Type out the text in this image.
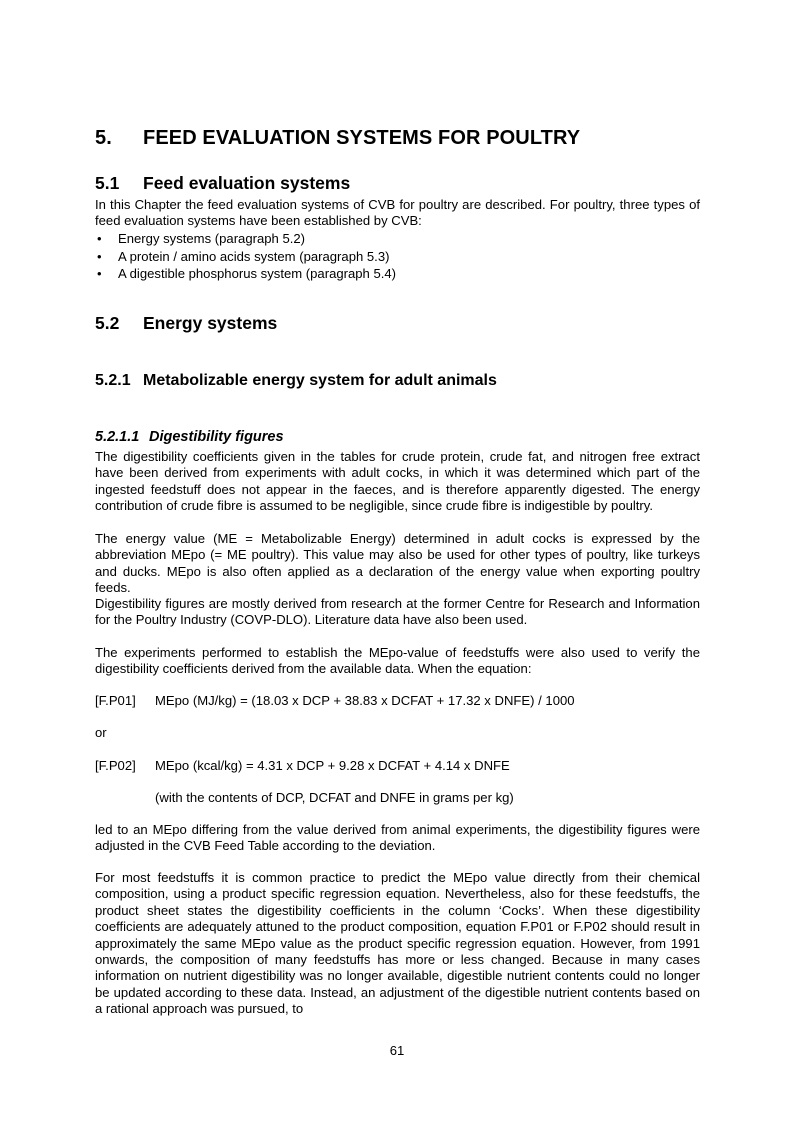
5. FEED EVALUATION SYSTEMS FOR POULTRY
5.1 Feed evaluation systems
In this Chapter the feed evaluation systems of CVB for poultry are described. For poultry, three types of feed evaluation systems have been established by CVB:
• Energy systems (paragraph 5.2)
• A protein / amino acids system (paragraph 5.3)
• A digestible phosphorus system (paragraph 5.4)
5.2 Energy systems
5.2.1 Metabolizable energy system for adult animals
5.2.1.1 Digestibility figures
The digestibility coefficients given in the tables for crude protein, crude fat, and nitrogen free extract have been derived from experiments with adult cocks, in which it was determined which part of the ingested feedstuff does not appear in the faeces, and is therefore apparently digested. The energy contribution of crude fibre is assumed to be negligible, since crude fibre is indigestible by poultry.
The energy value (ME = Metabolizable Energy) determined in adult cocks is expressed by the abbreviation MEpo (= ME poultry). This value may also be used for other types of poultry, like turkeys and ducks. MEpo is also often applied as a declaration of the energy value when exporting poultry feeds.
Digestibility figures are mostly derived from research at the former Centre for Research and Information for the Poultry Industry (COVP-DLO). Literature data have also been used.
The experiments performed to establish the MEpo-value of feedstuffs were also used to verify the digestibility coefficients derived from the available data. When the equation:
[F.P01] MEpo (MJ/kg) = (18.03 x DCP + 38.83 x DCFAT + 17.32 x DNFE) / 1000
or
[F.P02] MEpo (kcal/kg) = 4.31 x DCP + 9.28 x DCFAT + 4.14 x DNFE
(with the contents of DCP, DCFAT and DNFE in grams per kg)
led to an MEpo differing from the value derived from animal experiments, the digestibility figures were adjusted in the CVB Feed Table according to the deviation.
For most feedstuffs it is common practice to predict the MEpo value directly from their chemical composition, using a product specific regression equation. Nevertheless, also for these feedstuffs, the product sheet states the digestibility coefficients in the column ‘Cocks’. When these digestibility coefficients are adequately attuned to the product composition, equation F.P01 or F.P02 should result in approximately the same MEpo value as the product specific regression equation. However, from 1991 onwards, the composition of many feedstuffs has more or less changed. Because in many cases information on nutrient digestibility was no longer available, digestible nutrient contents could no longer be updated according to these data. Instead, an adjustment of the digestible nutrient contents based on a rational approach was pursued, to
61
